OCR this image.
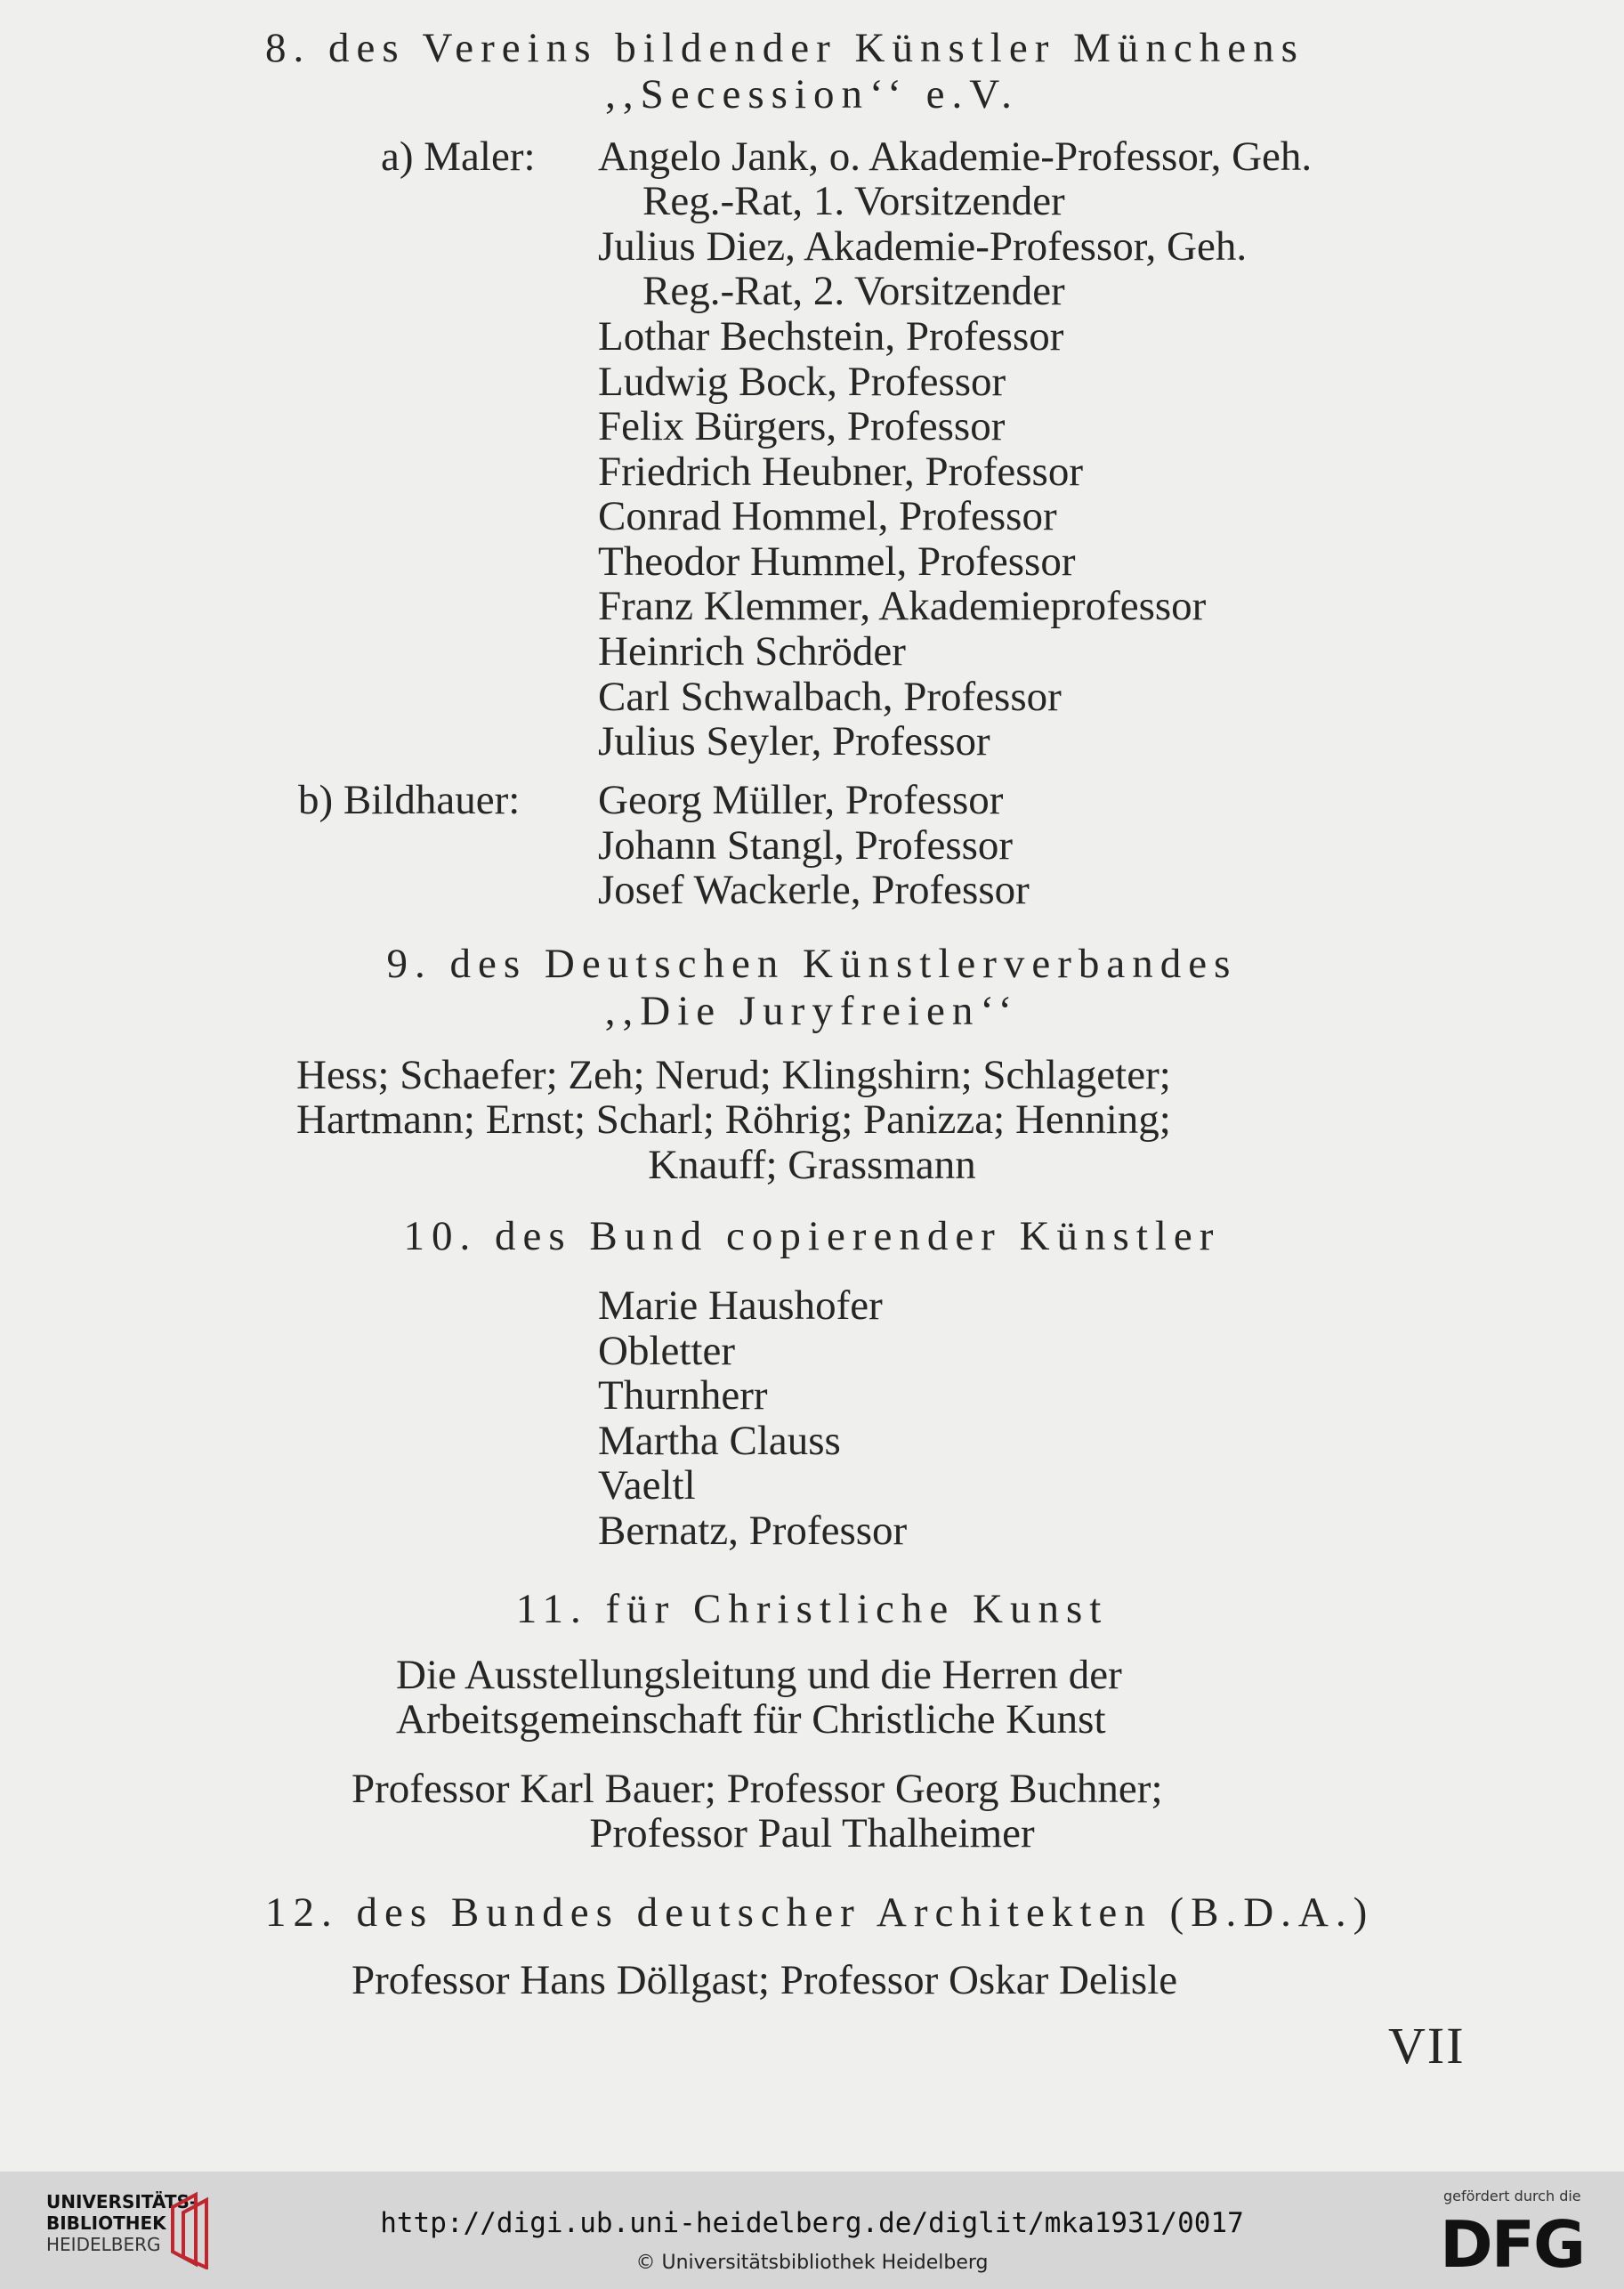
8. des Vereins bildender Künstler Münchens
,,Secession‘‘ e.V.
a) Maler: Angelo Jank, o. Akademie-Professor, Geh.
Reg.-Rat, 1. Vorsitzender
Julius Diez, Akademie-Professor, Geh.
Reg.-Rat, 2. Vorsitzender
Lothar Bechstein, Professor
Ludwig Bock, Professor
Felix Bürgers, Professor
Friedrich Heubner, Professor
Conrad Hommel, Professor
Theodor Hummel, Professor
Franz Klemmer, Akademieprofessor
Heinrich Schröder
Carl Schwalbach, Professor
Julius Seyler, Professor
b) Bildhauer: Georg Müller, Professor
Johann Stangl, Professor
Josef Wackerle, Professor
9. des Deutschen Künstlerverbandes
,,Die Juryfreien‘‘
Hess; Schaefer; Zeh; Nerud; Klingshirn; Schlageter;
Hartmann; Ernst; Scharl; Röhrig; Panizza; Henning;
Knauff; Grassmann
10. des Bund copierender Künstler
Marie Haushofer
Obletter
Thurnherr
Martha Clauss
Vaeltl
Bernatz, Professor
11. für Christliche Kunst
Die Ausstellungsleitung und die Herren der
Arbeitsgemeinschaft für Christliche Kunst
Professor Karl Bauer; Professor Georg Buchner;
Professor Paul Thalheimer
12. des Bundes deutscher Architekten (B.D.A.)
Professor Hans Döllgast; Professor Oskar Delisle
VII
UNIVERSITÄTS-
BIBLIOTHEK
HEIDELBERG
http://digi.ub.uni-heidelberg.de/diglit/mka1931/0017
© Universitätsbibliothek Heidelberg
gefördert durch die
DFG
